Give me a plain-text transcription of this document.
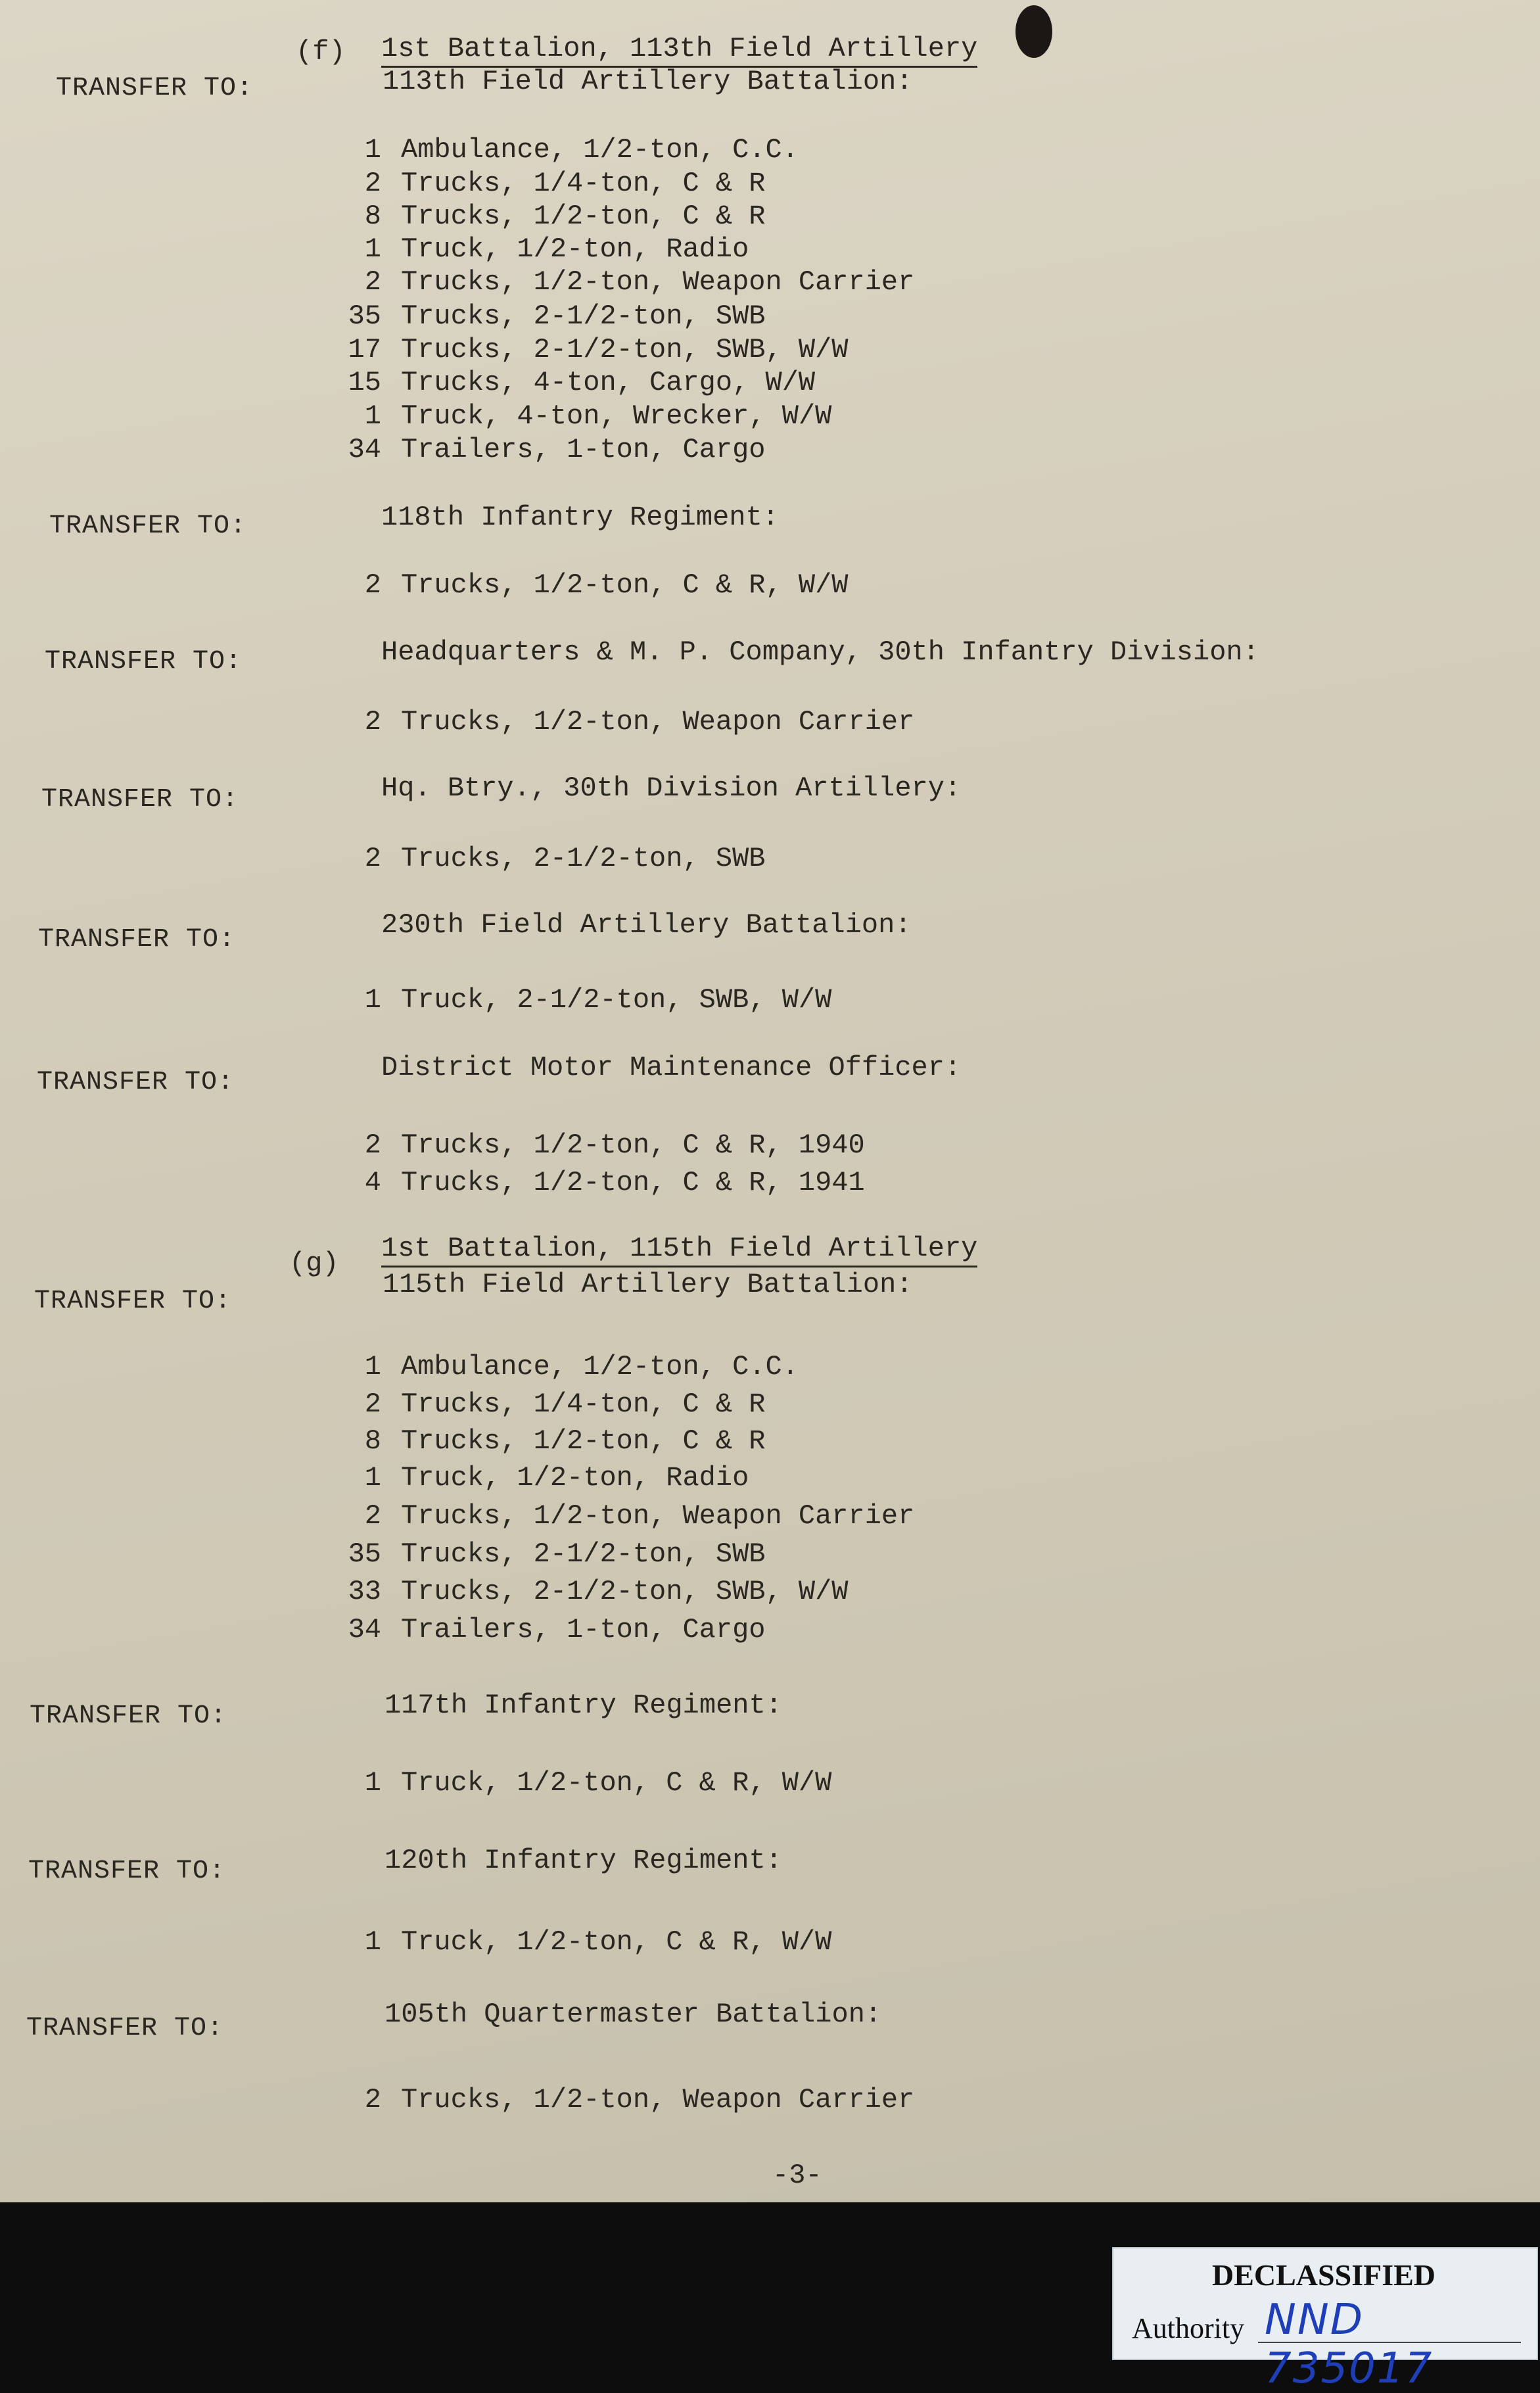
(f) 1st Battalion, 113th Field Artillery
TRANSFER TO:	113th Field Artillery Battalion:
1 Ambulance, 1/2-ton, C.C.
2 Trucks, 1/4-ton, C & R
8 Trucks, 1/2-ton, C & R
1 Truck, 1/2-ton, Radio
2 Trucks, 1/2-ton, Weapon Carrier
35 Trucks, 2-1/2-ton, SWB
17 Trucks, 2-1/2-ton, SWB, W/W
15 Trucks, 4-ton, Cargo, W/W
1 Truck, 4-ton, Wrecker, W/W
34 Trailers, 1-ton, Cargo
TRANSFER TO:	118th Infantry Regiment:
2 Trucks, 1/2-ton, C & R, W/W
TRANSFER TO:	Headquarters & M. P. Company, 30th Infantry Division:
2 Trucks, 1/2-ton, Weapon Carrier
TRANSFER TO:	Hq. Btry., 30th Division Artillery:
2 Trucks, 2-1/2-ton, SWB
TRANSFER TO:	230th Field Artillery Battalion:
1 Truck, 2-1/2-ton, SWB, W/W
TRANSFER TO:	District Motor Maintenance Officer:
2 Trucks, 1/2-ton, C & R, 1940
4 Trucks, 1/2-ton, C & R, 1941
(g) 1st Battalion, 115th Field Artillery
TRANSFER TO:
115th Field Artillery Battalion:
1 Ambulance, 1/2-ton, C.C.
2 Trucks, 1/4-ton, C & R
8 Trucks, 1/2-ton, C & R
1 Truck, 1/2-ton, Radio
2 Trucks, 1/2-ton, Weapon Carrier
35 Trucks, 2-1/2-ton, SWB
33 Trucks, 2-1/2-ton, SWB, W/W
34 Trailers, 1-ton, Cargo
TRANSFER TO:	117th Infantry Regiment:
1 Truck, 1/2-ton, C & R, W/W
TRANSFER TO:	120th Infantry Regiment:
1 Truck, 1/2-ton, C & R, W/W
TRANSFER TO:	105th Quartermaster Battalion:
2 Trucks, 1/2-ton, Weapon Carrier
-3-
DECLASSIFIED
Authority NND 735017
